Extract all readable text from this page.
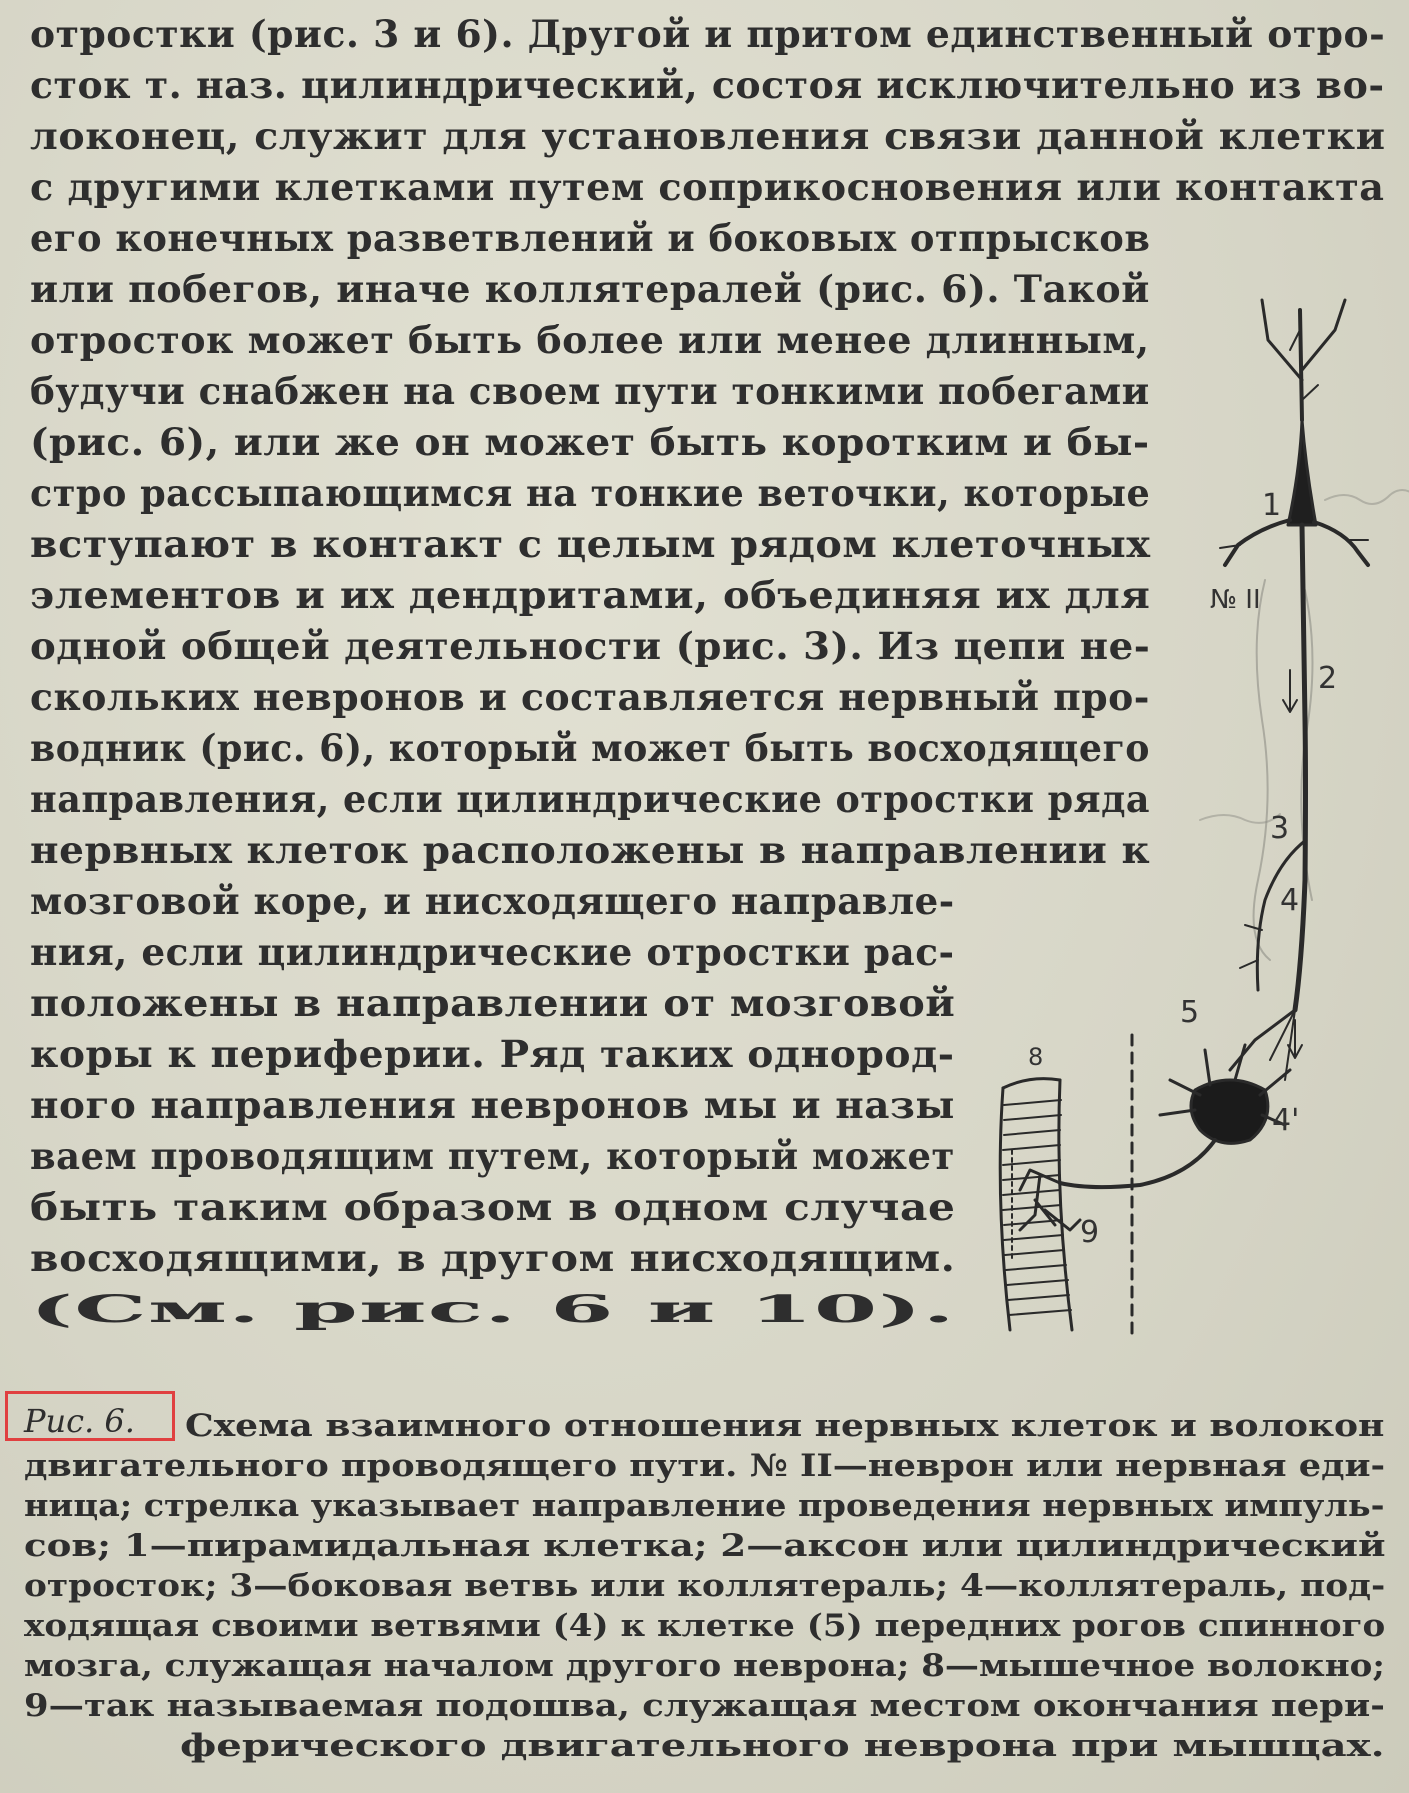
отростки (рис. 3 и 6). Другой и притом единственный отро-
сток т. наз. цилиндрический, состоя исключительно из во-
локонец, служит для установления связи данной клетки
с другими клетками путем соприкосновения или контакта
его конечных разветвлений и боковых отпрысков
или побегов, иначе коллятералей (рис. 6). Такой
отросток может быть более или менее длинным,
будучи снабжен на своем пути тонкими побегами
(рис. 6), или же он может быть коротким и бы-
стро рассыпающимся на тонкие веточки, которые
вступают в контакт с целым рядом клеточных
элементов и их дендритами, объединяя их для
одной общей деятельности (рис. 3). Из цепи не-
скольких невронов и составляется нервный про-
водник (рис. 6), который может быть восходящего
направления, если цилиндрические отростки ряда
нервных клеток расположены в направлении к
мозговой коре, и нисходящего направле-
ния, если цилиндрические отростки рас-
положены в направлении от мозговой
коры к периферии. Ряд таких однород-
ного направления невронов мы и назы
ваем проводящим путем, который может
быть таким образом в одном случае
восходящими, в другом нисходящим.
(См. рис. 6 и 10).
1
№ II
2
3
4
5
4'
8
9
Рис. 6. Схема взаимного отношения нервных клеток и волокон
двигательного проводящего пути. № II—неврон или нервная еди-
ница; стрелка указывает направление проведения нервных импуль-
сов; 1—пирамидальная клетка; 2—аксон или цилиндрический
отросток; 3—боковая ветвь или коллятераль; 4—коллятераль, под-
ходящая своими ветвями (4) к клетке (5) передних рогов спинного
мозга, служащая началом другого неврона; 8—мышечное волокно;
9—так называемая подошва, служащая местом окончания пери-
ферического двигательного неврона при мышцах.
